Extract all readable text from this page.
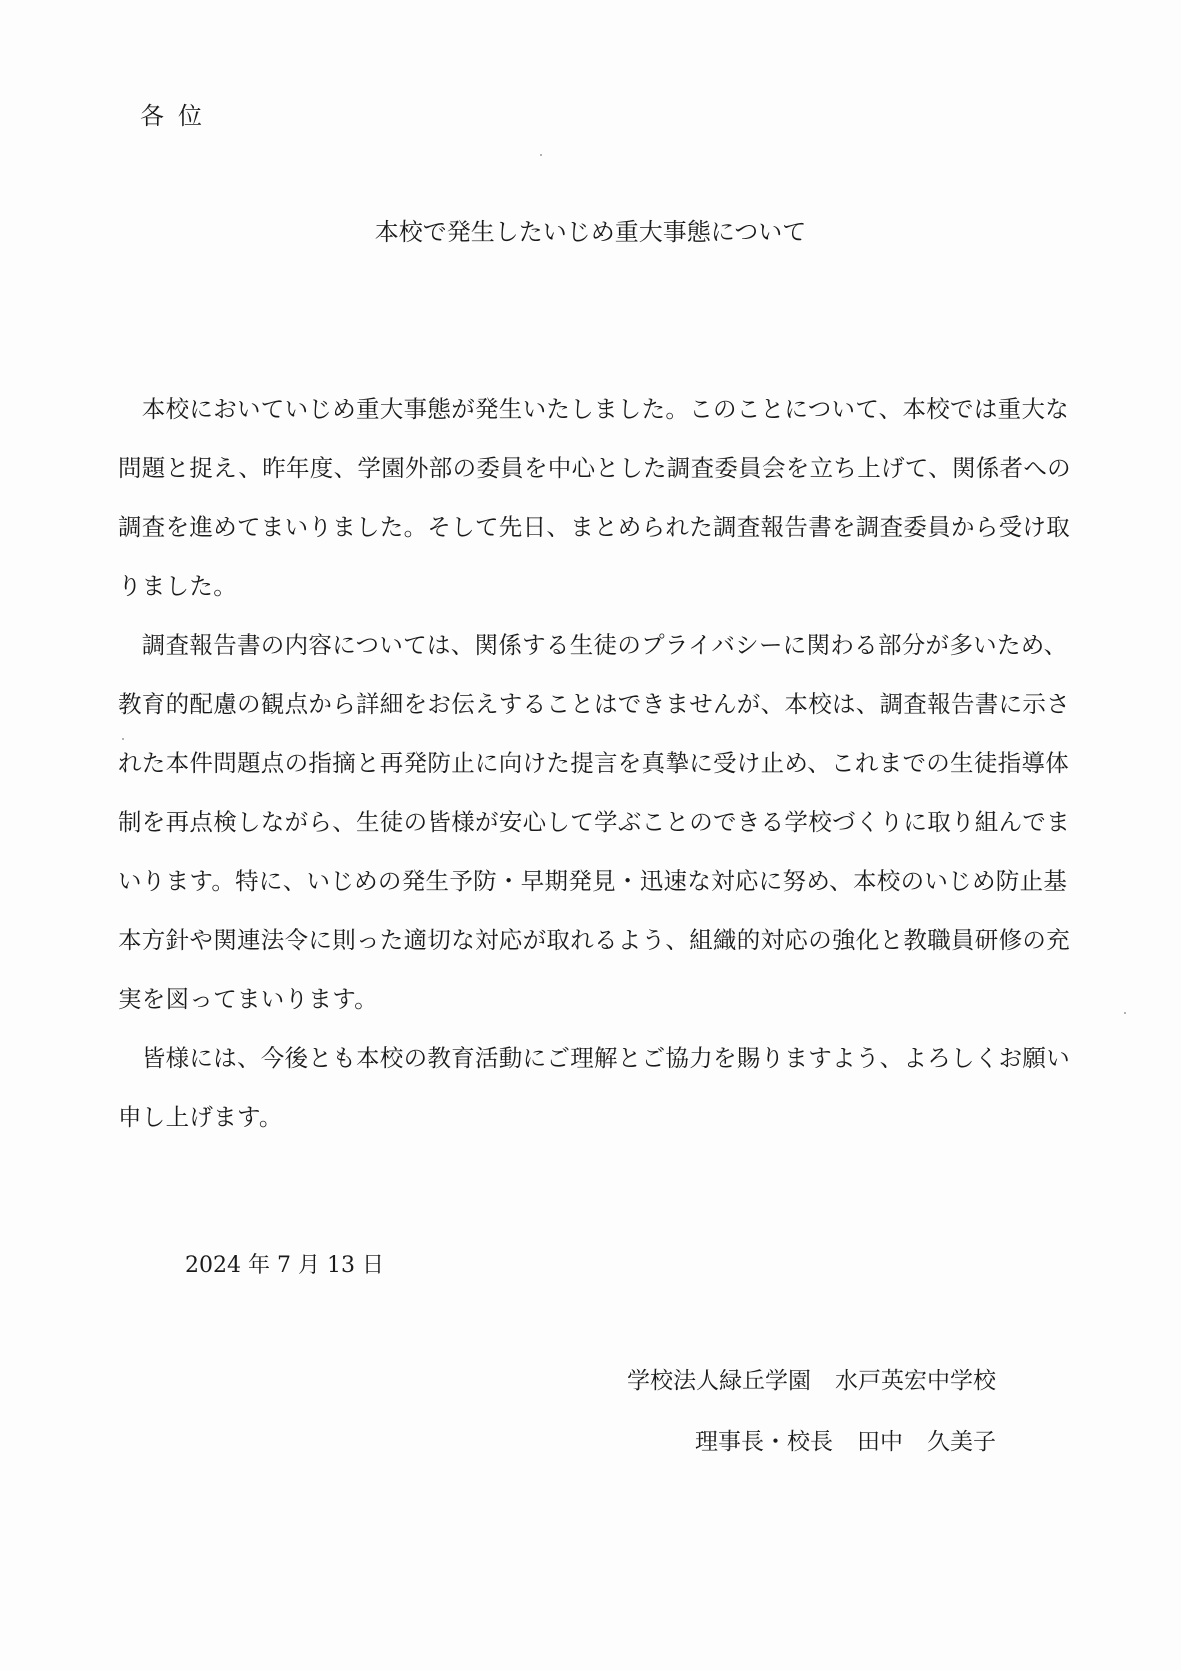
各位
本校で発生したいじめ重大事態について
　本校においていじめ重大事態が発生いたしました。このことについて、本校では重大な
問題と捉え、昨年度、学園外部の委員を中心とした調査委員会を立ち上げて、関係者への
調査を進めてまいりました。そして先日、まとめられた調査報告書を調査委員から受け取
りました。
　調査報告書の内容については、関係する生徒のプライバシーに関わる部分が多いため、
教育的配慮の観点から詳細をお伝えすることはできませんが、本校は、調査報告書に示さ
れた本件問題点の指摘と再発防止に向けた提言を真摯に受け止め、これまでの生徒指導体
制を再点検しながら、生徒の皆様が安心して学ぶことのできる学校づくりに取り組んでま
いります。特に、いじめの発生予防・早期発見・迅速な対応に努め、本校のいじめ防止基
本方針や関連法令に則った適切な対応が取れるよう、組織的対応の強化と教職員研修の充
実を図ってまいります。
　皆様には、今後とも本校の教育活動にご理解とご協力を賜りますよう、よろしくお願い
申し上げます。
2024 年 7 月 13 日
学校法人緑丘学園 水戸英宏中学校
理事長・校長 田中 久美子
